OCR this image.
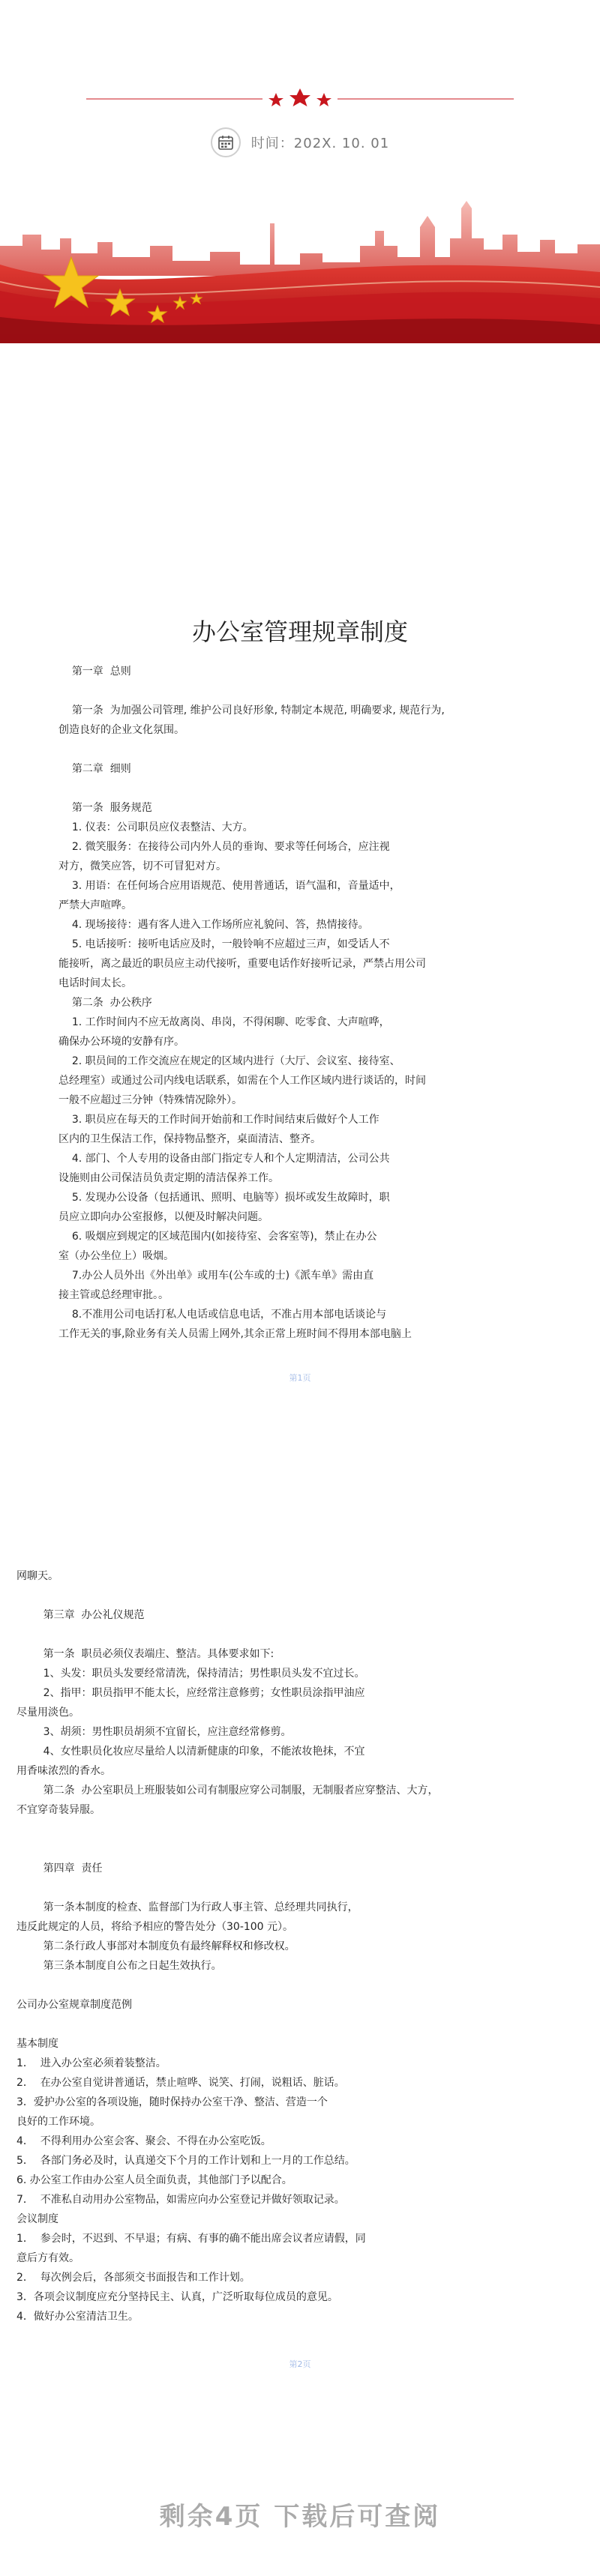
时间：202X. 10. 01
办公室管理规章制度

第一章  总则

第一条  为加强公司管理, 维护公司良好形象, 特制定本规范, 明确要求, 规范行为,

创造良好的企业文化氛围。

第二章  细则

第一条  服务规范

1. 仪表：公司职员应仪表整洁、大方。

2. 微笑服务：在接待公司内外人员的垂询、要求等任何场合，应注视

对方，微笑应答，切不可冒犯对方。

3. 用语：在任何场合应用语规范、使用普通话，语气温和，音量适中，

严禁大声喧哗。

4. 现场接待：遇有客人进入工作场所应礼貌问、答，热情接待。

5. 电话接听：接听电话应及时，一般铃响不应超过三声，如受话人不

能接听，离之最近的职员应主动代接听，重要电话作好接听记录，严禁占用公司

电话时间太长。

第二条  办公秩序

1. 工作时间内不应无故离岗、串岗，不得闲聊、吃零食、大声喧哗，

确保办公环境的安静有序。

2. 职员间的工作交流应在规定的区域内进行（大厅、会议室、接待室、

总经理室）或通过公司内线电话联系，如需在个人工作区域内进行谈话的，时间

一般不应超过三分钟（特殊情况除外）。

3. 职员应在每天的工作时间开始前和工作时间结束后做好个人工作

区内的卫生保洁工作，保持物品整齐，桌面清洁、整齐。

4. 部门、个人专用的设备由部门指定专人和个人定期清洁，公司公共

设施则由公司保洁员负责定期的清洁保养工作。

5. 发现办公设备（包括通讯、照明、电脑等）损坏或发生故障时，职

员应立即向办公室报修，以便及时解决问题。

6. 吸烟应到规定的区域范围内(如接待室、会客室等)，禁止在办公

室（办公坐位上）吸烟。

7.办公人员外出《外出单》或用车(公车或的士)《派车单》需由直

接主管或总经理审批。。

8.不准用公司电话打私人电话或信息电话，不准占用本部电话谈论与

工作无关的事,除业务有关人员需上网外,其余正常上班时间不得用本部电脑上

第1页

网聊天。

第三章  办公礼仪规范

第一条  职员必须仪表端庄、整洁。具体要求如下:

1、头发：职员头发要经常清洗，保持清洁；男性职员头发不宜过长。

2、指甲：职员指甲不能太长，应经常注意修剪；女性职员涂指甲油应

尽量用淡色。

3、胡须：男性职员胡须不宜留长，应注意经常修剪。

4、女性职员化妆应尽量给人以清新健康的印象，不能浓妆艳抹，不宜

用香味浓烈的香水。

第二条  办公室职员上班服装如公司有制服应穿公司制服，无制服者应穿整洁、大方，

不宜穿奇装异服。

第四章  责任

第一条本制度的检查、监督部门为行政人事主管、总经理共同执行，

违反此规定的人员，将给予相应的警告处分（30-100 元）。

第二条行政人事部对本制度负有最终解释权和修改权。

第三条本制度自公布之日起生效执行。

公司办公室规章制度范例

基本制度

1．  进入办公室必须着装整洁。

2．  在办公室自觉讲普通话，禁止喧哗、说笑、打闹，说粗话、脏话。

3．爱护办公室的各项设施，随时保持办公室干净、整洁、营造一个

良好的工作环境。

4．  不得利用办公室会客、聚会、不得在办公室吃饭。

5．  各部门务必及时，认真递交下个月的工作计划和上一月的工作总结。

6. 办公室工作由办公室人员全面负责，其他部门予以配合。

7．  不准私自动用办公室物品，如需应向办公室登记并做好领取记录。

会议制度

1．  参会时，不迟到、不早退；有病、有事的确不能出席会议者应请假，同

意后方有效。

2．  每次例会后，各部须交书面报告和工作计划。

3．各项会议制度应充分坚持民主、认真，广泛听取每位成员的意见。

4．做好办公室清洁卫生。

第2页
剩余4页 下载后可查阅
